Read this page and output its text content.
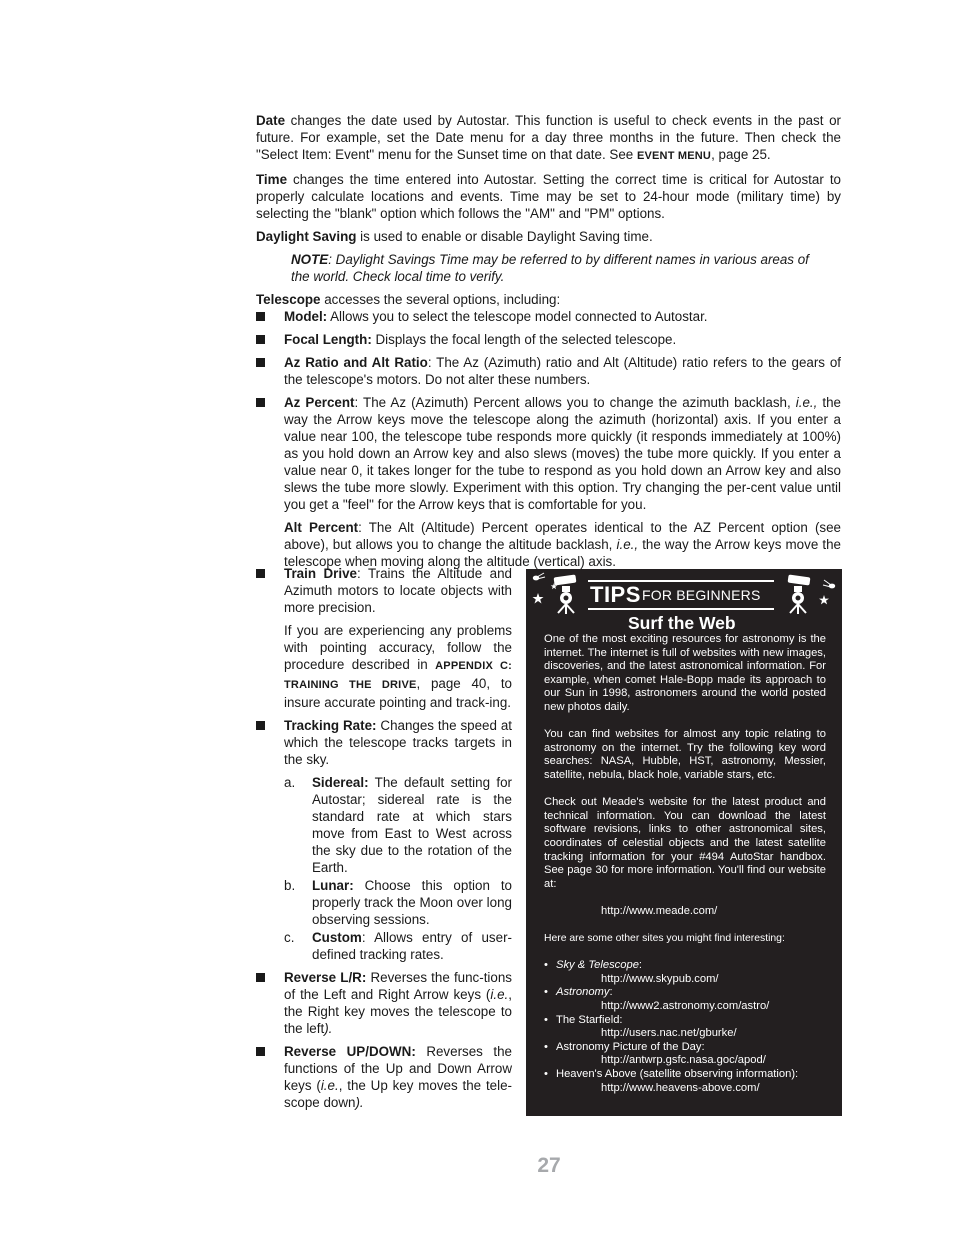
Date changes the date used by Autostar. This function is useful to check events in the past or future. For example, set the Date menu for a day three months in the future. Then check the "Select Item: Event" menu for the Sunset time on that date. See EVENT MENU, page 25.

Time changes the time entered into Autostar. Setting the correct time is critical for Autostar to properly calculate locations and events. Time may be set to 24-hour mode (military time) by selecting the "blank" option which follows the "AM" and "PM" options.

Daylight Saving is used to enable or disable Daylight Saving time.

NOTE: Daylight Savings Time may be referred to by different names in various areas of the world. Check local time to verify.

Telescope accesses the several options, including:

Model: Allows you to select the telescope model connected to Autostar.
Focal Length: Displays the focal length of the selected telescope.
Az Ratio and Alt Ratio: The Az (Azimuth) ratio and Alt (Altitude) ratio refers to the gears of the telescope's motors. Do not alter these numbers.
Az Percent: The Az (Azimuth) Percent allows you to change the azimuth backlash, i.e., the way the Arrow keys move the telescope along the azimuth (horizontal) axis. If you enter a value near 100, the telescope tube responds more quickly (it responds immediately at 100%) as you hold down an Arrow key and also slews (moves) the tube more quickly. If you enter a value near 0, it takes longer for the tube to respond as you hold down an Arrow key and also slews the tube more slowly. Experiment with this option. Try changing the per-cent value until you get a "feel" for the Arrow keys that is comfortable for you.
Alt Percent: The Alt (Altitude) Percent operates identical to the AZ Percent option (see above), but allows you to change the altitude backlash, i.e., the way the Arrow keys move the telescope when moving along the altitude (vertical) axis.
Train Drive: Trains the Altitude and Azimuth motors to locate objects with more precision.
If you are experiencing any problems with pointing accuracy, follow the procedure described in APPENDIX C: TRAINING THE DRIVE, page 40, to insure accurate pointing and track-ing.
Tracking Rate: Changes the speed at which the telescope tracks targets in the sky.
a. Sidereal: The default setting for Autostar; sidereal rate is the standard rate at which stars move from East to West across the sky due to the rotation of the Earth.
b. Lunar: Choose this option to properly track the Moon over long observing sessions.
c. Custom: Allows entry of user-defined tracking rates.
Reverse L/R: Reverses the func-tions of the Left and Right Arrow keys (i.e., the Right key moves the telescope to the left).
Reverse UP/DOWN: Reverses the functions of the Up and Down Arrow keys (i.e., the Up key moves the tele-scope down).
TIPS FOR BEGINNERS
Surf the Web

One of the most exciting resources for astronomy is the internet. The internet is full of websites with new images, discoveries, and the latest astronomical information. For example, when comet Hale-Bopp made its approach to our Sun in 1998, astronomers around the world posted new photos daily.

You can find websites for almost any topic relating to astronomy on the internet. Try the following key word searches: NASA, Hubble, HST, astronomy, Messier, satellite, nebula, black hole, variable stars, etc.

Check out Meade's website for the latest product and technical information. You can download the latest software revisions, links to other astronomical sites, coordinates of celestial objects and the latest satellite tracking information for your #494 AutoStar handbox. See page 30 for more information. You'll find our website at:

http://www.meade.com/

Here are some other sites you might find interesting:

• Sky & Telescope:

http://www.skypub.com/

• Astronomy:

http://www2.astronomy.com/astro/

• The Starfield:

http://users.nac.net/gburke/

• Astronomy Picture of the Day:

http://antwrp.gsfc.nasa.goc/apod/

• Heaven's Above (satellite observing information):

http://www.heavens-above.com/

27
